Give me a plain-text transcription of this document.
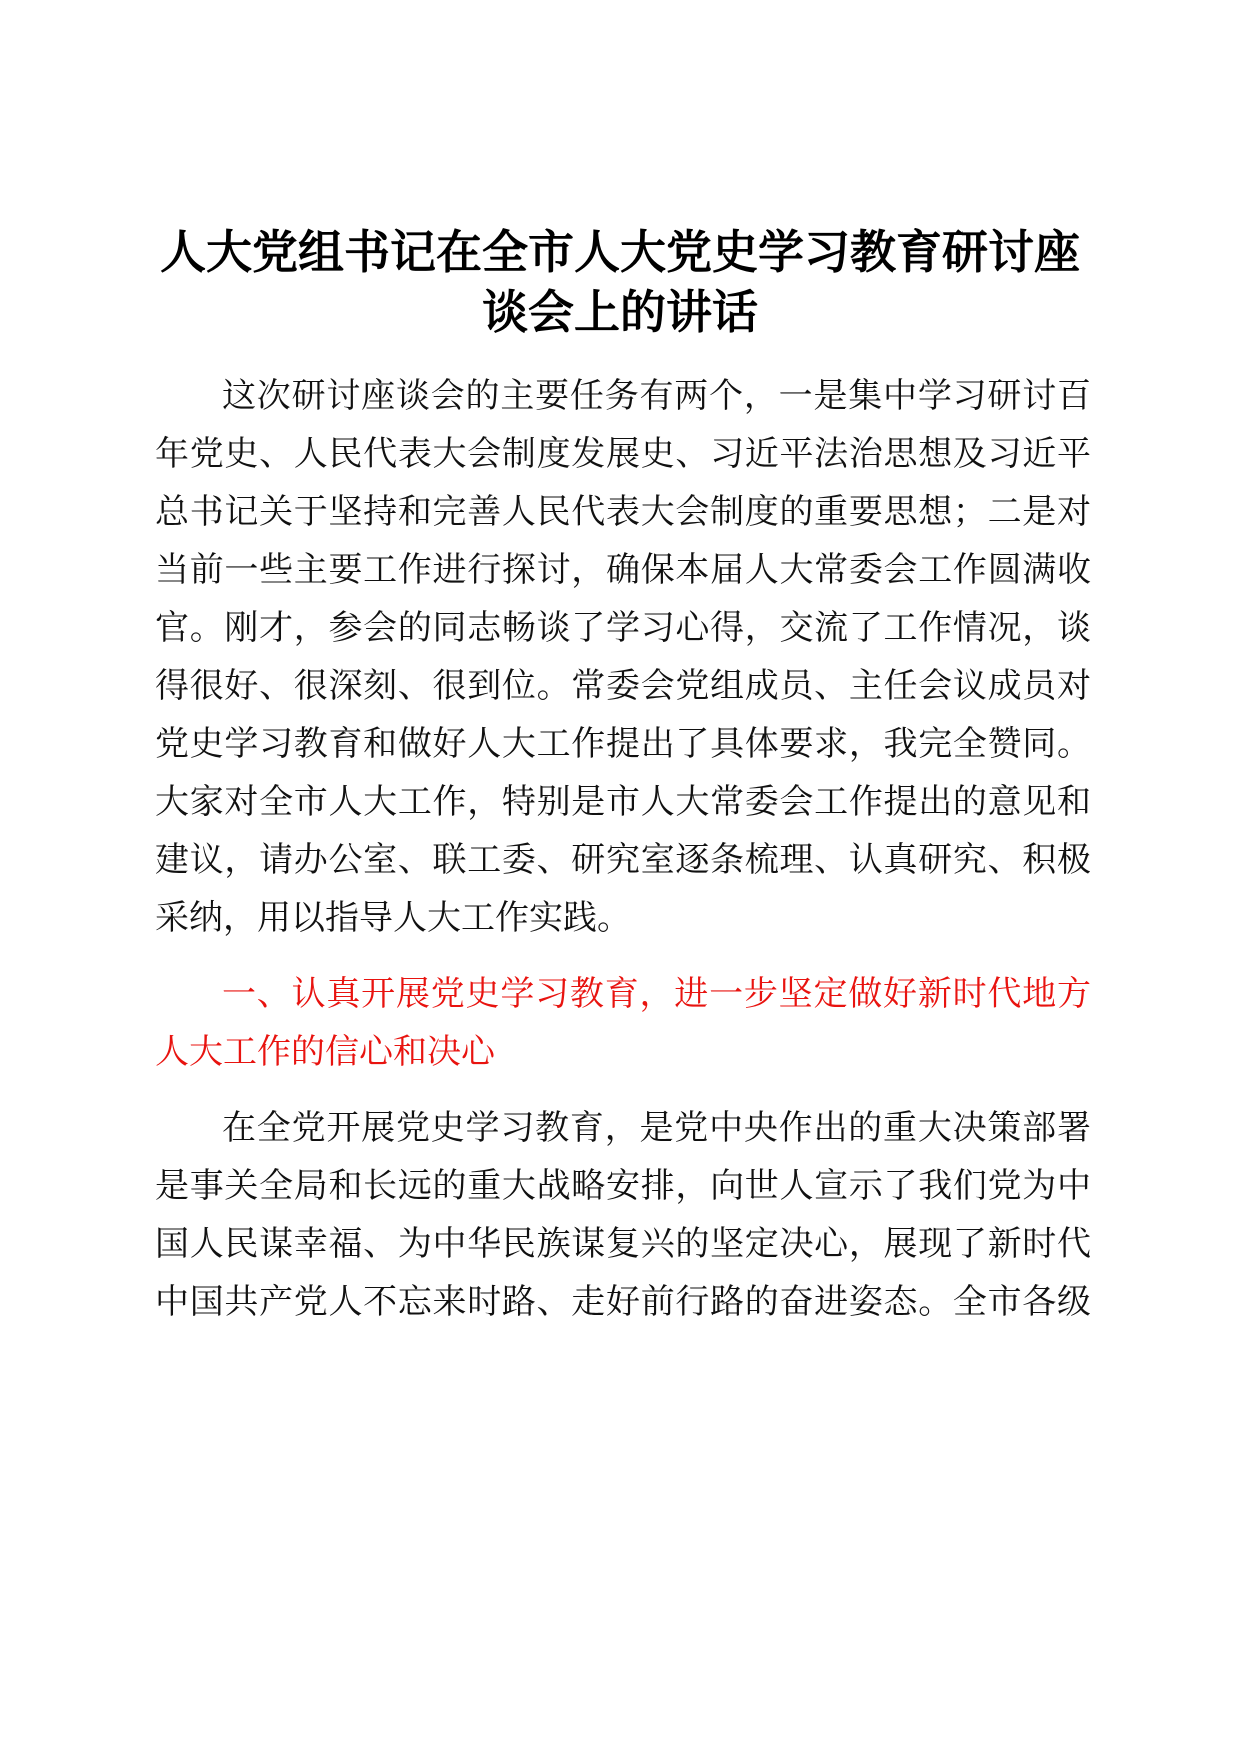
人大党组书记在全市人大党史学习教育研讨座
谈会上的讲话
这次研讨座谈会的主要任务有两个，一是集中学习研讨百
年党史、人民代表大会制度发展史、习近平法治思想及习近平
总书记关于坚持和完善人民代表大会制度的重要思想；二是对
当前一些主要工作进行探讨，确保本届人大常委会工作圆满收
官。刚才，参会的同志畅谈了学习心得，交流了工作情况，谈
得很好、很深刻、很到位。常委会党组成员、主任会议成员对
党史学习教育和做好人大工作提出了具体要求，我完全赞同。
大家对全市人大工作，特别是市人大常委会工作提出的意见和
建议，请办公室、联工委、研究室逐条梳理、认真研究、积极
采纳，用以指导人大工作实践。
一、认真开展党史学习教育，进一步坚定做好新时代地方
人大工作的信心和决心
在全党开展党史学习教育，是党中央作出的重大决策部署
是事关全局和长远的重大战略安排，向世人宣示了我们党为中
国人民谋幸福、为中华民族谋复兴的坚定决心，展现了新时代
中国共产党人不忘来时路、走好前行路的奋进姿态。全市各级
